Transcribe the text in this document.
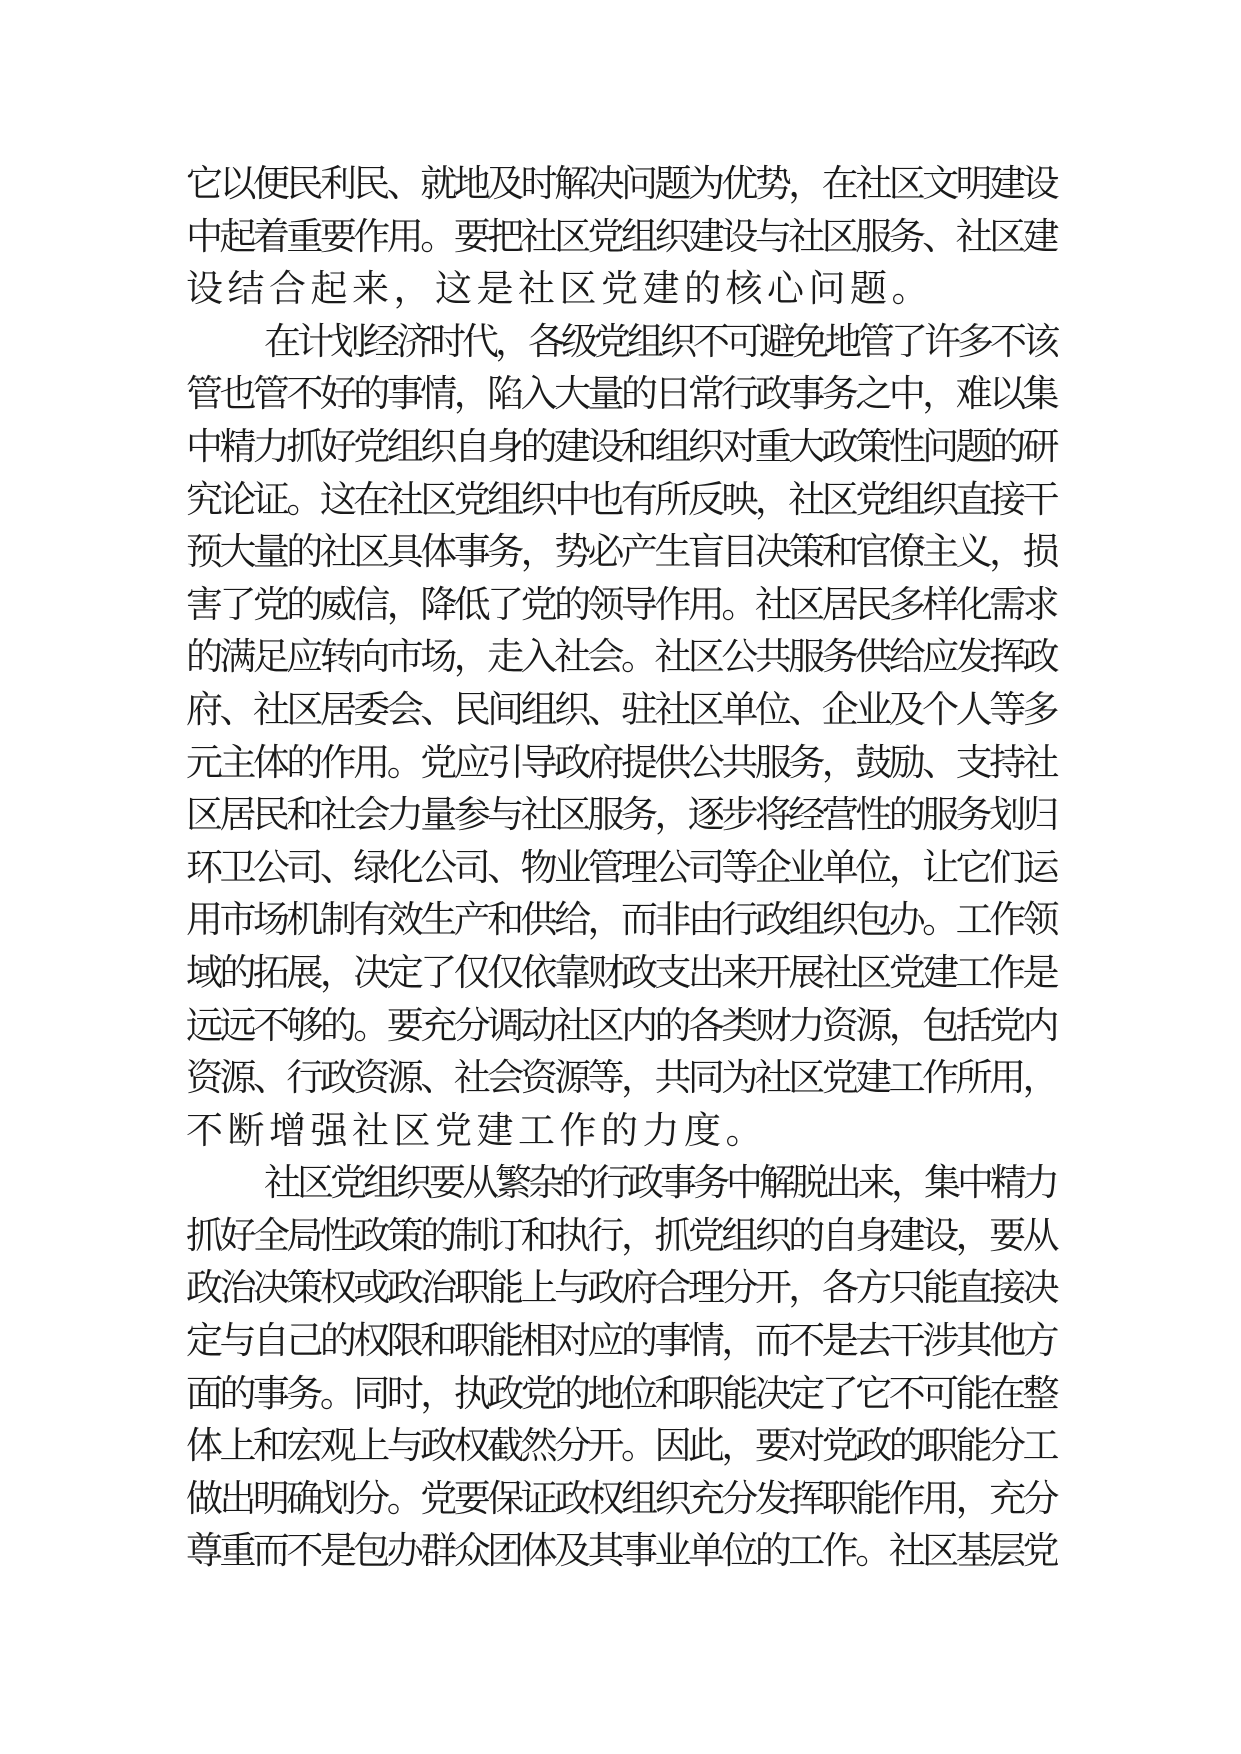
它以便民利民、就地及时解决问题为优势，在社区文明建设
中起着重要作用。要把社区党组织建设与社区服务、社区建
设结合起来，这是社区党建的核心问题。
在计划经济时代，各级党组织不可避免地管了许多不该
管也管不好的事情，陷入大量的日常行政事务之中，难以集
中精力抓好党组织自身的建设和组织对重大政策性问题的研
究论证。这在社区党组织中也有所反映，社区党组织直接干
预大量的社区具体事务，势必产生盲目决策和官僚主义，损
害了党的威信，降低了党的领导作用。社区居民多样化需求
的满足应转向市场，走入社会。社区公共服务供给应发挥政
府、社区居委会、民间组织、驻社区单位、企业及个人等多
元主体的作用。党应引导政府提供公共服务，鼓励、支持社
区居民和社会力量参与社区服务，逐步将经营性的服务划归
环卫公司、绿化公司、物业管理公司等企业单位，让它们运
用市场机制有效生产和供给，而非由行政组织包办。工作领
域的拓展，决定了仅仅依靠财政支出来开展社区党建工作是
远远不够的。要充分调动社区内的各类财力资源，包括党内
资源、行政资源、社会资源等，共同为社区党建工作所用，
不断增强社区党建工作的力度。
社区党组织要从繁杂的行政事务中解脱出来，集中精力
抓好全局性政策的制订和执行，抓党组织的自身建设，要从
政治决策权或政治职能上与政府合理分开，各方只能直接决
定与自己的权限和职能相对应的事情，而不是去干涉其他方
面的事务。同时，执政党的地位和职能决定了它不可能在整
体上和宏观上与政权截然分开。因此，要对党政的职能分工
做出明确划分。党要保证政权组织充分发挥职能作用，充分
尊重而不是包办群众团体及其事业单位的工作。社区基层党
